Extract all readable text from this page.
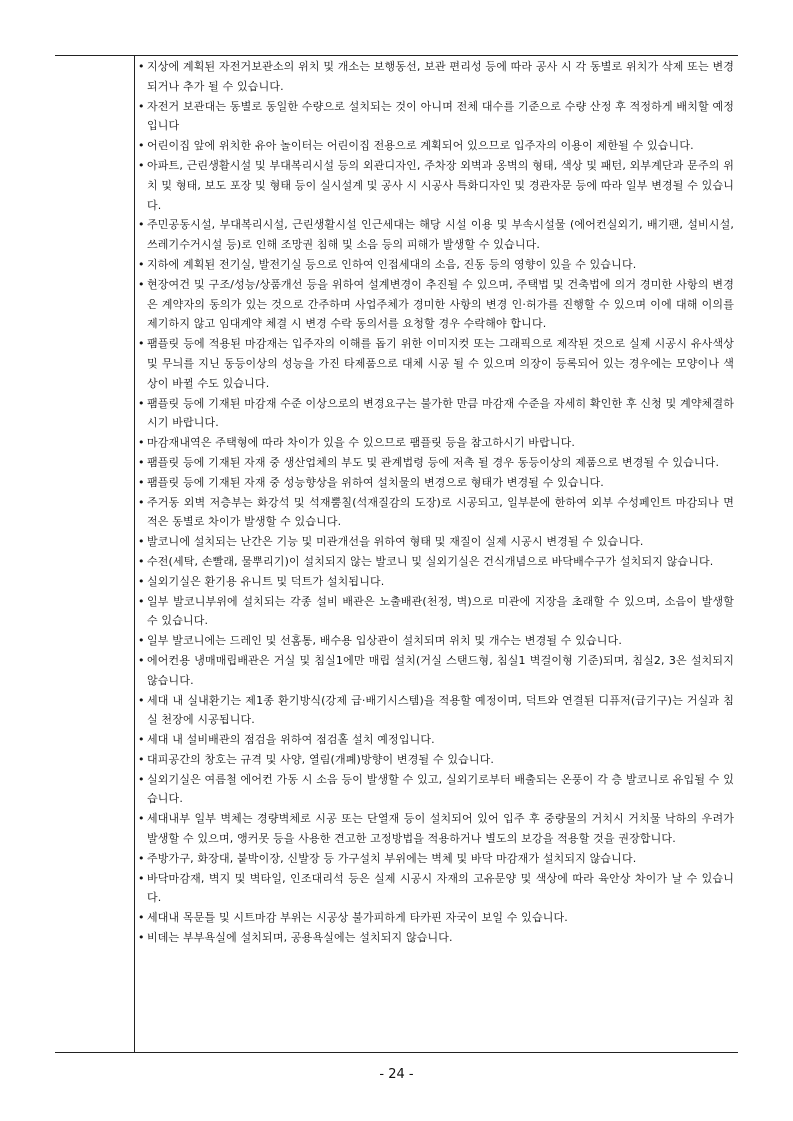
• 지상에 계획된 자전거보관소의 위치 및 개소는 보행동선, 보관 편리성 등에 따라 공사 시 각 동별로 위치가 삭제 또는 변경되거나 추가 될 수 있습니다.
• 자전거 보관대는 동별로 동일한 수량으로 설치되는 것이 아니며 전체 대수를 기준으로 수량 산정 후 적정하게 배치할 예정입니다
• 어린이집 앞에 위치한 유아 놀이터는 어린이집 전용으로 계획되어 있으므로 입주자의 이용이 제한될 수 있습니다.
• 아파트, 근린생활시설 및 부대복리시설 등의 외관디자인, 주차장 외벽과 옹벽의 형태, 색상 및 패턴, 외부계단과 문주의 위치 및 형태, 보도 포장 및 형태 등이 실시설계 및 공사 시 시공사 특화디자인 및 경관자문 등에 따라 일부 변경될 수 있습니다.
• 주민공동시설, 부대복리시설, 근린생활시설 인근세대는 해당 시설 이용 및 부속시설물 (에어컨실외기, 배기팬, 설비시설, 쓰레기수거시설 등)로 인해 조망권 침해 및 소음 등의 피해가 발생할 수 있습니다.
• 지하에 계획된 전기실, 발전기실 등으로 인하여 인접세대의 소음, 진동 등의 영향이 있을 수 있습니다.
• 현장여건 및 구조/성능/상품개선 등을 위하여 설계변경이 추진될 수 있으며, 주택법 및 건축법에 의거 경미한 사항의 변경은 계약자의 동의가 있는 것으로 간주하며 사업주체가 경미한 사항의 변경 인·허가를 진행할 수 있으며 이에 대해 이의를 제기하지 않고 임대계약 체결 시 변경 수락 동의서를 요청할 경우 수락해야 합니다.
• 팸플릿 등에 적용된 마감재는 입주자의 이해를 돕기 위한 이미지컷 또는 그래픽으로 제작된 것으로 실제 시공시 유사색상 및 무늬를 지닌 동등이상의 성능을 가진 타제품으로 대체 시공 될 수 있으며 의장이 등록되어 있는 경우에는 모양이나 색상이 바뀔 수도 있습니다.
• 팸플릿 등에 기재된 마감재 수준 이상으로의 변경요구는 불가한 만큼 마감재 수준을 자세히 확인한 후 신청 및 계약체결하시기 바랍니다.
• 마감재내역은 주택형에 따라 차이가 있을 수 있으므로 팸플릿 등을 참고하시기 바랍니다.
• 팸플릿 등에 기재된 자재 중 생산업체의 부도 및 관계법령 등에 저촉 될 경우 동등이상의 제품으로 변경될 수 있습니다.
• 팸플릿 등에 기재된 자재 중 성능향상을 위하여 설치물의 변경으로 형태가 변경될 수 있습니다.
• 주거동 외벽 저층부는 화강석 및 석재뿜칠(석재질감의 도장)로 시공되고, 일부분에 한하여 외부 수성페인트 마감되나 면적은 동별로 차이가 발생할 수 있습니다.
• 발코니에 설치되는 난간은 기능 및 미관개선을 위하여 형태 및 재질이 실제 시공시 변경될 수 있습니다.
• 수전(세탁, 손빨래, 물뿌리기)이 설치되지 않는 발코니 및 실외기실은 건식개념으로 바닥배수구가 설치되지 않습니다.
• 실외기실은 환기용 유니트 및 덕트가 설치됩니다.
• 일부 발코니부위에 설치되는 각종 설비 배관은 노출배관(천정, 벽)으로 미관에 지장을 초래할 수 있으며, 소음이 발생할 수 있습니다.
• 일부 발코니에는 드레인 및 선홈통, 배수용 입상관이 설치되며 위치 및 개수는 변경될 수 있습니다.
• 에어컨용 냉매매립배관은 거실 및 침실1에만 매립 설치(거실 스탠드형, 침실1 벽걸이형 기준)되며, 침실2, 3은 설치되지 않습니다.
• 세대 내 실내환기는 제1종 환기방식(강제 급·배기시스템)을 적용할 예정이며, 덕트와 연결된 디퓨저(급기구)는 거실과 침실 천장에 시공됩니다.
• 세대 내 설비배관의 점검을 위하여 점검홀 설치 예정입니다.
• 대피공간의 창호는 규격 및 사양, 열림(개폐)방향이 변경될 수 있습니다.
• 실외기실은 여름철 에어컨 가동 시 소음 등이 발생할 수 있고, 실외기로부터 배출되는 온풍이 각 층 발코니로 유입될 수 있습니다.
• 세대내부 일부 벽체는 경량벽체로 시공 또는 단열재 등이 설치되어 있어 입주 후 중량물의 거치시 거치물 낙하의 우려가 발생할 수 있으며, 앵커못 등을 사용한 견고한 고정방법을 적용하거나 별도의 보강을 적용할 것을 권장합니다.
• 주방가구, 화장대, 붙박이장, 신발장 등 가구설치 부위에는 벽체 및 바닥 마감재가 설치되지 않습니다.
• 바닥마감재, 벽지 및 벽타일, 인조대리석 등은 실제 시공시 자재의 고유문양 및 색상에 따라 육안상 차이가 날 수 있습니다.
• 세대내 목문틀 및 시트마감 부위는 시공상 불가피하게 타카핀 자국이 보일 수 있습니다.
• 비데는 부부욕실에 설치되며, 공용욕실에는 설치되지 않습니다.
- 24 -
